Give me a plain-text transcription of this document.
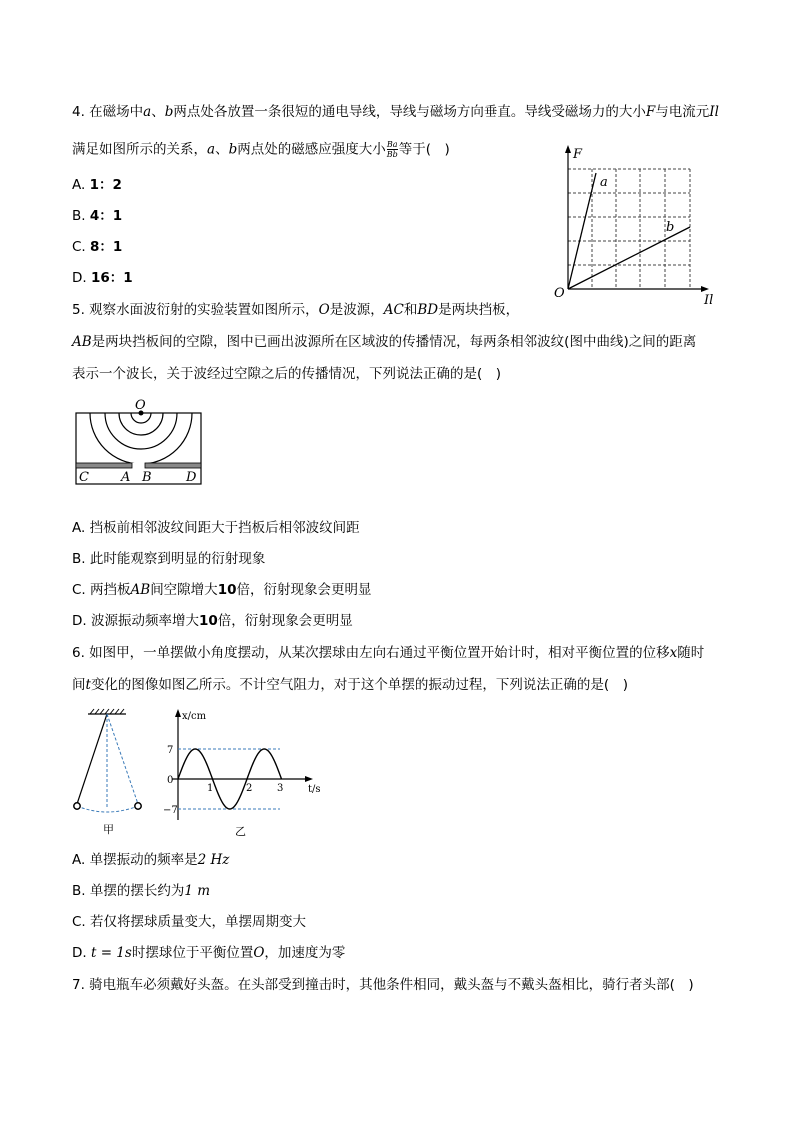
4. 在磁场中a、b两点处各放置一条很短的通电导线，导线与磁场方向垂直。导线受磁场力的大小F与电流元Il
满足如图所示的关系，a、b两点处的磁感应强度大小 $\frac{Ba}{Bb}$ 等于(　)
A. 1：2
B. 4：1
C. 8：1
D. 16：1
F
Il
O
a
b
5. 观察水面波衍射的实验装置如图所示，O是波源，AC和BD是两块挡板，
AB是两块挡板间的空隙，图中已画出波源所在区域波的传播情况，每两条相邻波纹(图中曲线)之间的距离
表示一个波长，关于波经过空隙之后的传播情况，下列说法正确的是(　)
O
C A B	D
A. 挡板前相邻波纹间距大于挡板后相邻波纹间距
B. 此时能观察到明显的衍射现象
C. 两挡板AB间空隙增大10倍，衍射现象会更明显
D. 波源振动频率增大10倍，衍射现象会更明显
6. 如图甲，一单摆做小角度摆动，从某次摆球由左向右通过平衡位置开始计时，相对平衡位置的位移x随时
间t变化的图像如图乙所示。不计空气阻力，对于这个单摆的振动过程，下列说法正确的是(　)
甲
x/cm
t/s
7
0
−7
1	2 3
乙
A. 单摆振动的频率是2 Hz
B. 单摆的摆长约为1 m
C. 若仅将摆球质量变大，单摆周期变大
D. t = 1s时摆球位于平衡位置O，加速度为零
7. 骑电瓶车必须戴好头盔。在头部受到撞击时，其他条件相同，戴头盔与不戴头盔相比，骑行者头部(　)
